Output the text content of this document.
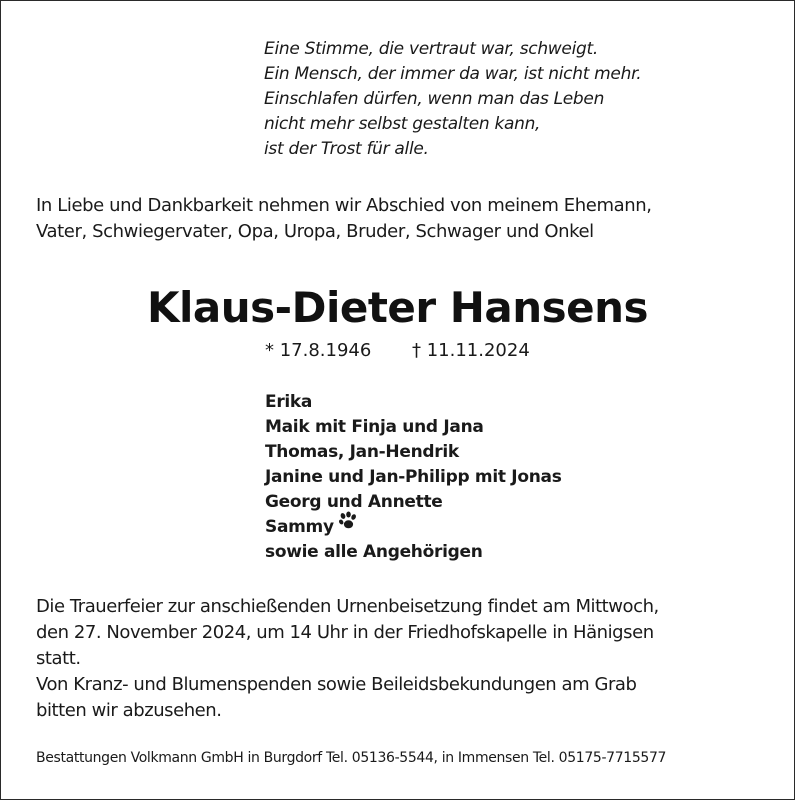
Eine Stimme, die vertraut war, schweigt.
Ein Mensch, der immer da war, ist nicht mehr.
Einschlafen dürfen, wenn man das Leben
nicht mehr selbst gestalten kann,
ist der Trost für alle.
In Liebe und Dankbarkeit nehmen wir Abschied von meinem Ehemann,
Vater, Schwiegervater, Opa, Uropa, Bruder, Schwager und Onkel
Klaus-Dieter Hansens
* 17.8.1946 † 11.11.2024
Erika
Maik mit Finja und Jana
Thomas, Jan-Hendrik
Janine und Jan-Philipp mit Jonas
Georg und Annette
Sammy
sowie alle Angehörigen
Die Trauerfeier zur anschießenden Urnenbeisetzung findet am Mittwoch,
den 27. November 2024, um 14 Uhr in der Friedhofskapelle in Hänigsen
statt.
Von Kranz- und Blumenspenden sowie Beileidsbekundungen am Grab
bitten wir abzusehen.
Bestattungen Volkmann GmbH in Burgdorf Tel. 05136-5544, in Immensen Tel. 05175-7715577
